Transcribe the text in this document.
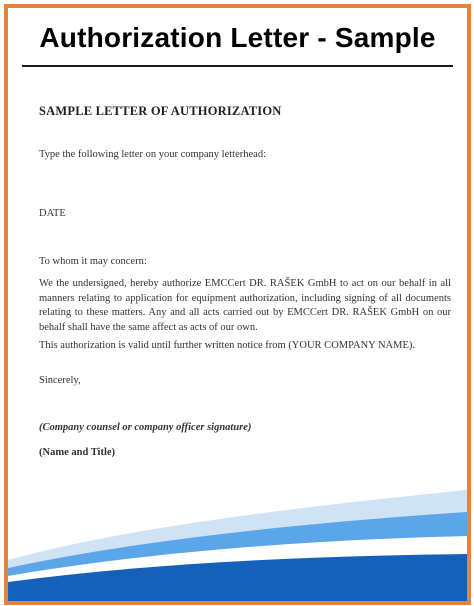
Authorization Letter - Sample

SAMPLE LETTER OF AUTHORIZATION

Type the following letter on your company letterhead:

DATE

To whom it may concern:

We the undersigned, hereby authorize EMCCert DR. RAŠEK GmbH to act on our behalf in all manners relating to application for equipment authorization, including signing of all documents relating to these matters. Any and all acts carried out by EMCCert DR. RAŠEK GmbH on our behalf shall have the same affect as acts of our own.

This authorization is valid until further written notice from (YOUR COMPANY NAME).

Sincerely,

(Company counsel or company officer signature)

(Name and Title)
